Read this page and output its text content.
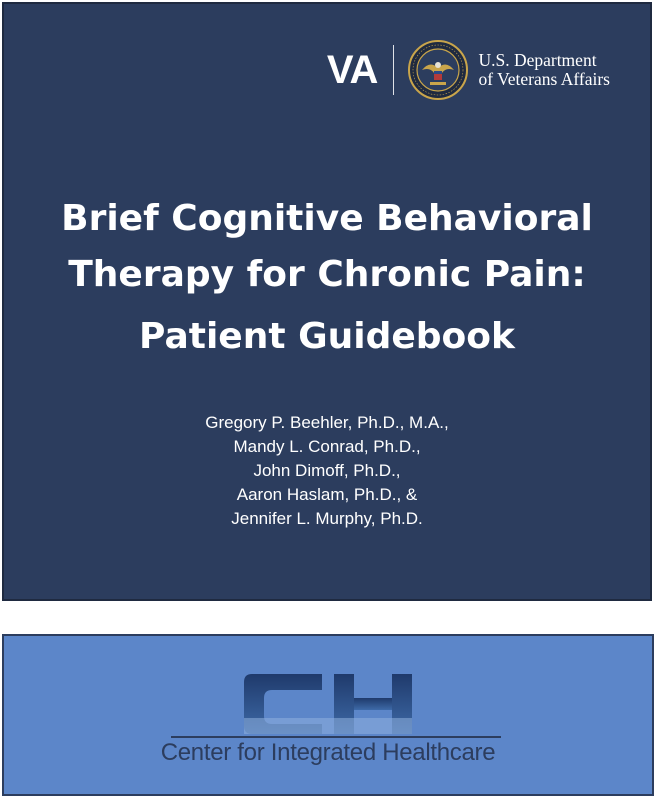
VA	U.S. Department
of Veterans Affairs
Brief Cognitive Behavioral
Therapy for Chronic Pain:
Patient Guidebook
Gregory P. Beehler, Ph.D., M.A.,
Mandy L. Conrad, Ph.D.,
John Dimoff, Ph.D.,
Aaron Haslam, Ph.D., &
Jennifer L. Murphy, Ph.D.
Center for Integrated Healthcare
